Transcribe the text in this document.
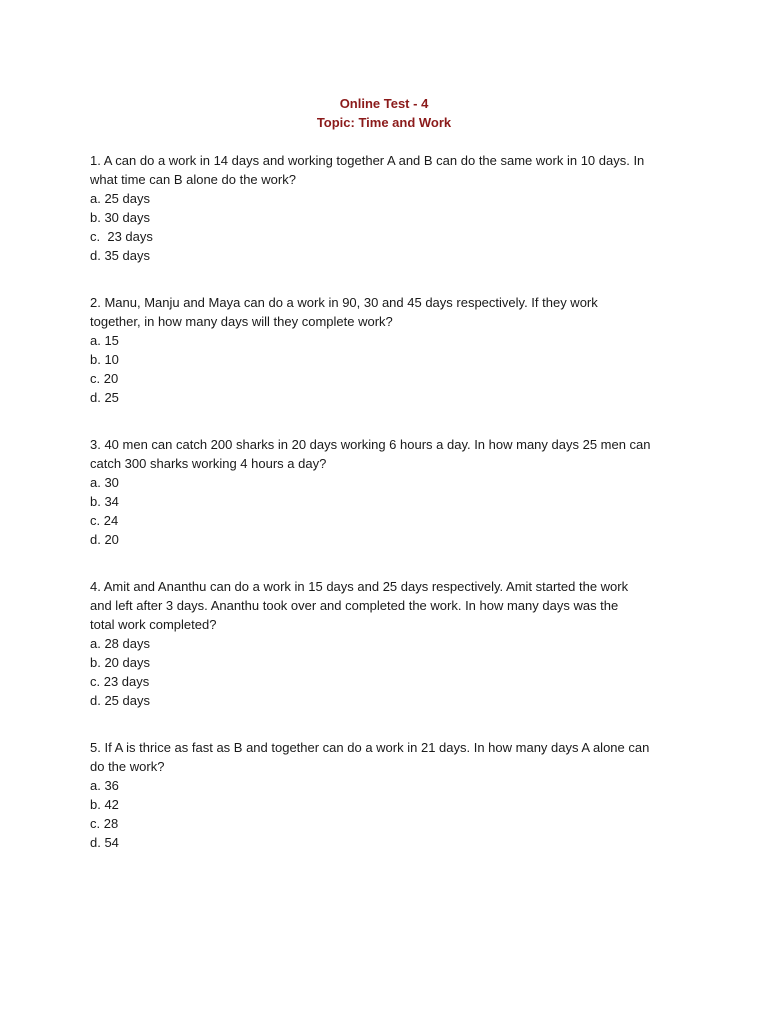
Online Test - 4

Topic: Time and Work

1. A can do a work in 14 days and working together A and B can do the same work in 10 days. In
what time can B alone do the work?

a. 25 days
b. 30 days
c.  23 days
d. 35 days

2. Manu, Manju and Maya can do a work in 90, 30 and 45 days respectively. If they work
together, in how many days will they complete work?

a. 15
b. 10
c. 20
d. 25

3. 40 men can catch 200 sharks in 20 days working 6 hours a day. In how many days 25 men can
catch 300 sharks working 4 hours a day?

a. 30
b. 34
c. 24
d. 20

4. Amit and Ananthu can do a work in 15 days and 25 days respectively. Amit started the work
and left after 3 days. Ananthu took over and completed the work. In how many days was the
total work completed?

a. 28 days
b. 20 days
c. 23 days
d. 25 days

5. If A is thrice as fast as B and together can do a work in 21 days. In how many days A alone can
do the work?

a. 36
b. 42
c. 28
d. 54
